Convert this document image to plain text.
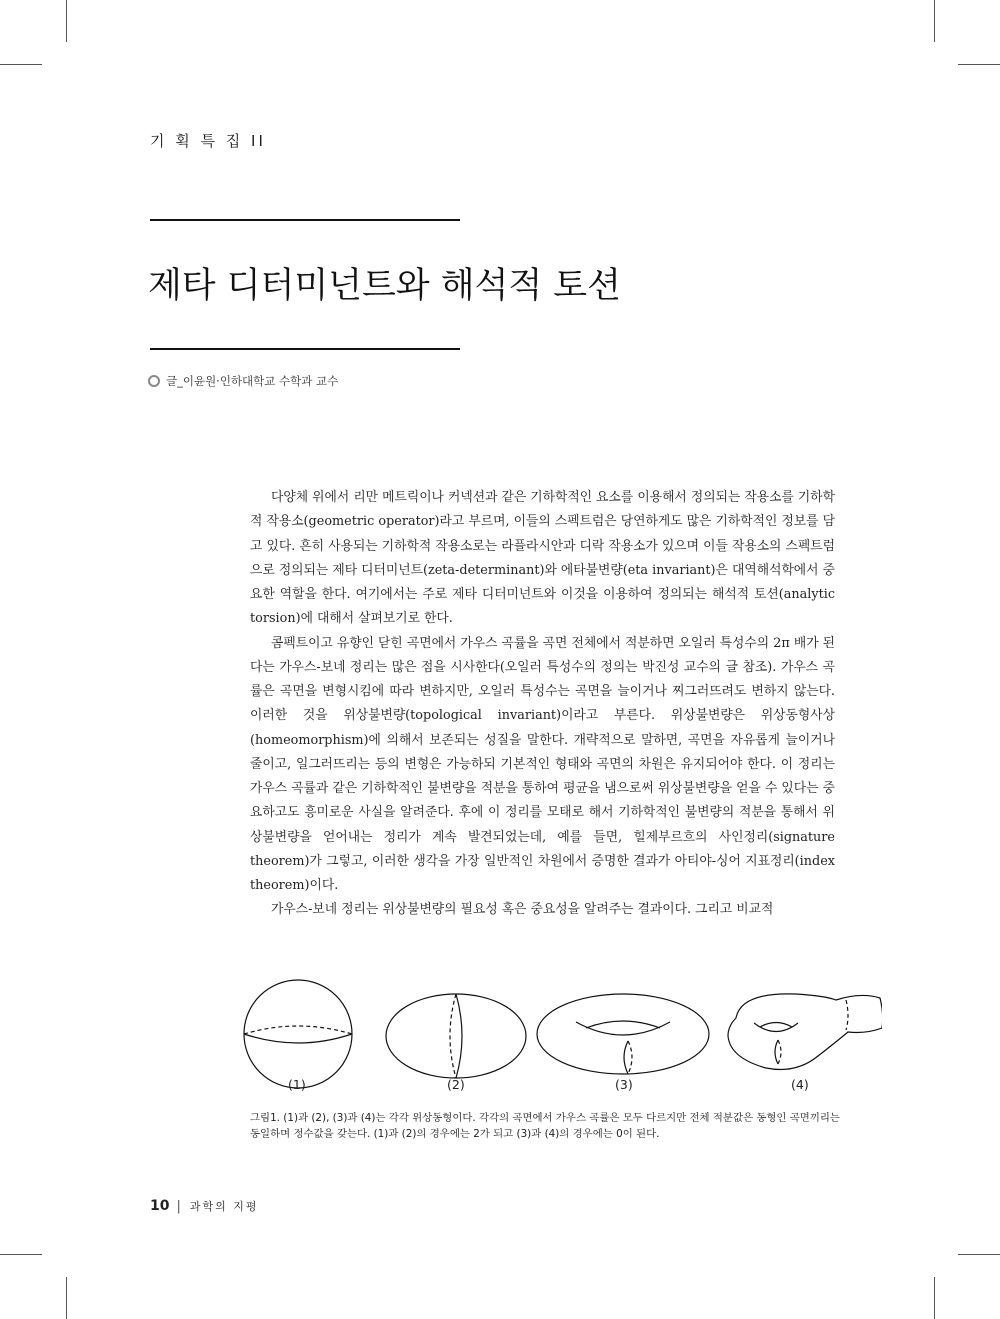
기 획 특 집 II
제타 디터미넌트와 해석적 토션
글_이윤원·인하대학교 수학과 교수

다양체 위에서 리만 메트릭이나 커넥션과 같은 기하학적인 요소를 이용해서 정의되는 작용소를 기하학적 작용소(geometric operator)라고 부르며, 이들의 스펙트럼은 당연하게도 많은 기하학적인 정보를 담고 있다. 흔히 사용되는 기하학적 작용소로는 라플라시안과 디락 작용소가 있으며 이들 작용소의 스펙트럼으로 정의되는 제타 디터미넌트(zeta-determinant)와 에타불변량(eta invariant)은 대역해석학에서 중요한 역할을 한다. 여기에서는 주로 제타 디터미넌트와 이것을 이용하여 정의되는 해석적 토션(analytic torsion)에 대해서 살펴보기로 한다.

콤펙트이고 유향인 닫힌 곡면에서 가우스 곡률을 곡면 전체에서 적분하면 오일러 특성수의 2π 배가 된다는 가우스-보네 정리는 많은 점을 시사한다(오일러 특성수의 정의는 박진성 교수의 글 참조). 가우스 곡률은 곡면을 변형시킴에 따라 변하지만, 오일러 특성수는 곡면을 늘이거나 찌그러뜨려도 변하지 않는다. 이러한 것을 위상불변량(topological invariant)이라고 부른다. 위상불변량은 위상동형사상(homeomorphism)에 의해서 보존되는 성질을 말한다. 개략적으로 말하면, 곡면을 자유롭게 늘이거나 줄이고, 일그러뜨리는 등의 변형은 가능하되 기본적인 형태와 곡면의 차원은 유지되어야 한다. 이 정리는 가우스 곡률과 같은 기하학적인 불변량을 적분을 통하여 평균을 냄으로써 위상불변량을 얻을 수 있다는 중요하고도 흥미로운 사실을 알려준다. 후에 이 정리를 모태로 해서 기하학적인 불변량의 적분을 통해서 위상불변량을 얻어내는 정리가 계속 발견되었는데, 예를 들면, 힐제부르흐의 사인정리(signature theorem)가 그렇고, 이러한 생각을 가장 일반적인 차원에서 증명한 결과가 아티야-싱어 지표정리(index theorem)이다.

가우스-보네 정리는 위상불변량의 필요성 혹은 중요성을 알려주는 결과이다. 그리고 비교적

(1)	(2)	(3)	(4)
그림1. (1)과 (2), (3)과 (4)는 각각 위상동형이다. 각각의 곡면에서 가우스 곡률은 모두 다르지만 전체 적분값은 동형인 곡면끼리는 동일하며 정수값을 갖는다. (1)과 (2)의 경우에는 2가 되고 (3)과 (4)의 경우에는 0이 된다.
10 | 과학의 지평
